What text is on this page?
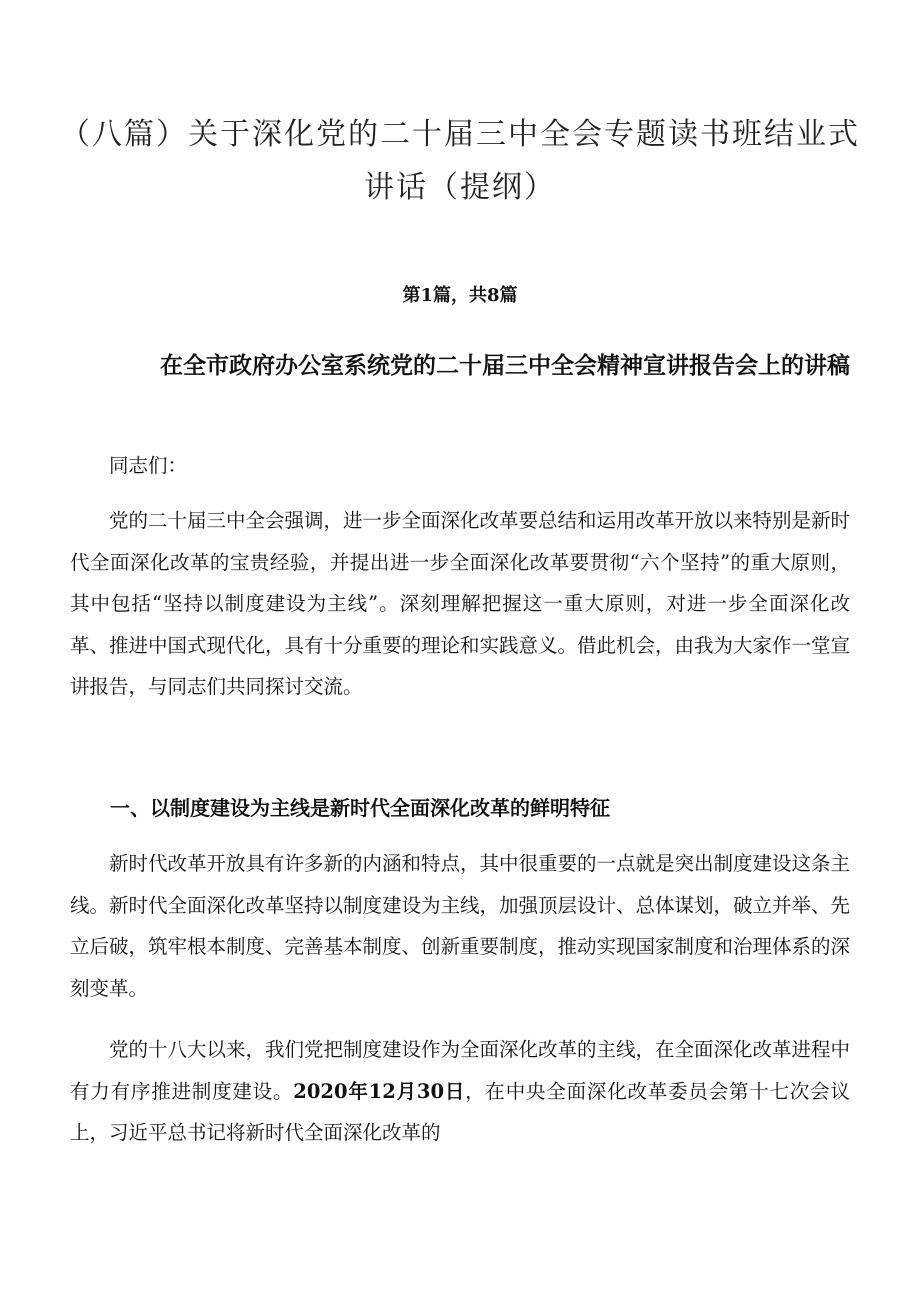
（八篇）关于深化党的二十届三中全会专题读书班结业式讲话（提纲）

第1篇，共8篇

在全市政府办公室系统党的二十届三中全会精神宣讲报告会上的讲稿

同志们：

党的二十届三中全会强调，进一步全面深化改革要总结和运用改革开放以来特别是新时代全面深化改革的宝贵经验，并提出进一步全面深化改革要贯彻“六个坚持”的重大原则，其中包括“坚持以制度建设为主线”。深刻理解把握这一重大原则，对进一步全面深化改革、推进中国式现代化，具有十分重要的理论和实践意义。借此机会，由我为大家作一堂宣讲报告，与同志们共同探讨交流。

一、以制度建设为主线是新时代全面深化改革的鲜明特征

新时代改革开放具有许多新的内涵和特点，其中很重要的一点就是突出制度建设这条主线。新时代全面深化改革坚持以制度建设为主线，加强顶层设计、总体谋划，破立并举、先立后破，筑牢根本制度、完善基本制度、创新重要制度，推动实现国家制度和治理体系的深刻变革。

党的十八大以来，我们党把制度建设作为全面深化改革的主线，在全面深化改革进程中有力有序推进制度建设。2020年12月30日，在中央全面深化改革委员会第十七次会议上，习近平总书记将新时代全面深化改革的
